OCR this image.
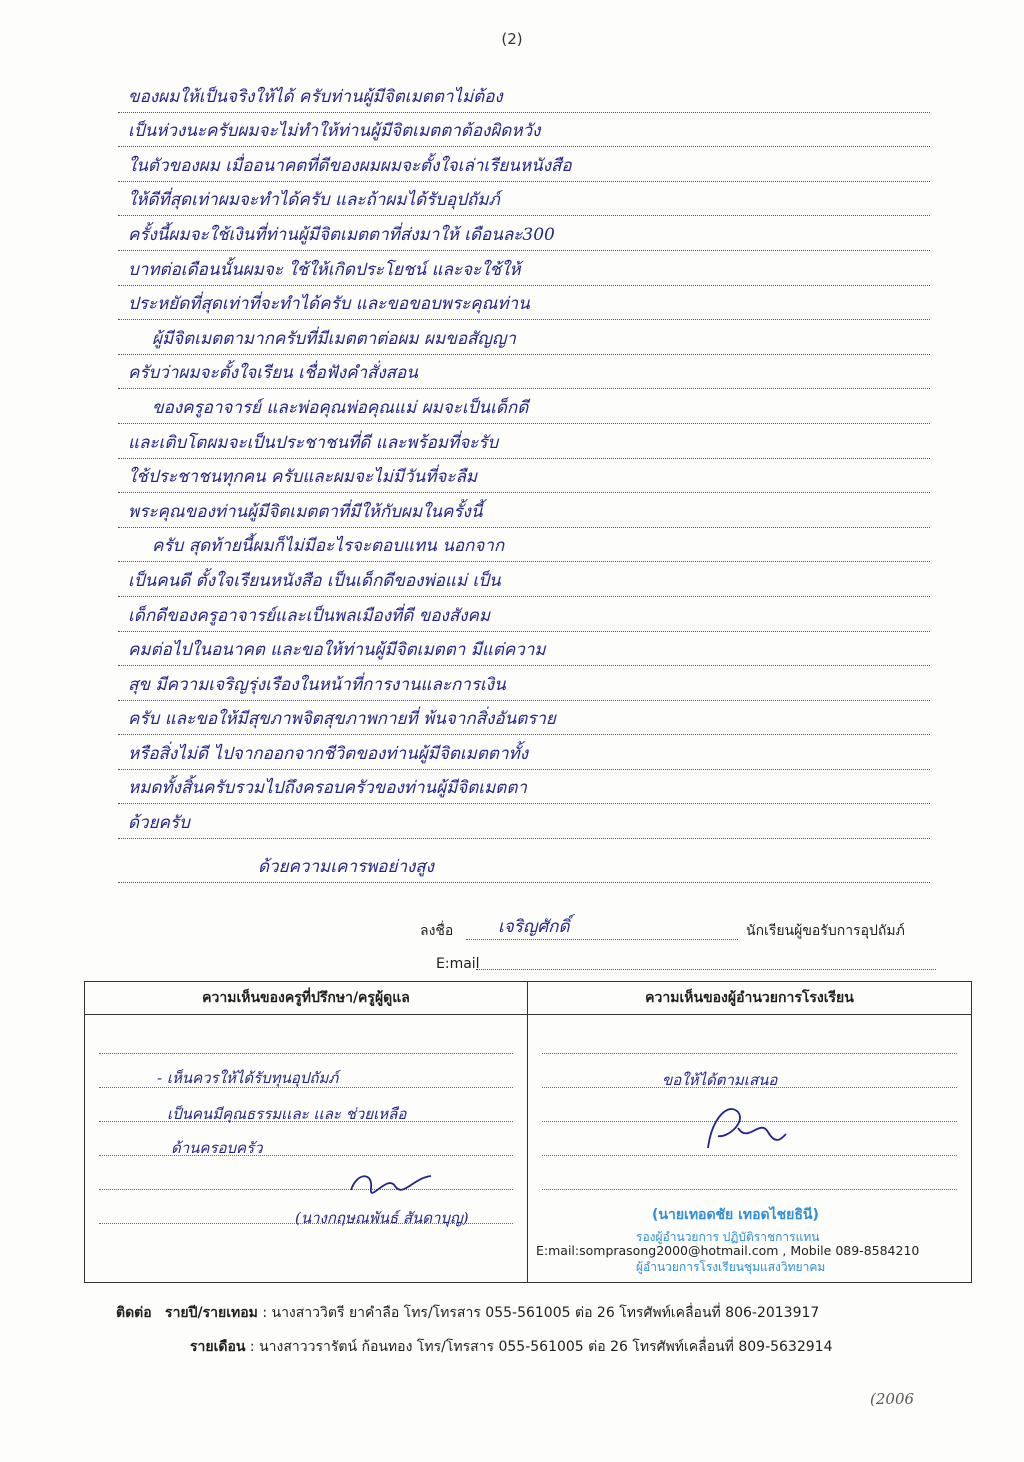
(2)
ของผมให้เป็นจริงให้ได้ ครับท่านผู้มีจิตเมตตาไม่ต้อง
เป็นห่วงนะครับผมจะไม่ทำให้ท่านผู้มีจิตเมตตาต้องผิดหวัง
ในตัวของผม เมื่ออนาคตที่ดีของผมผมจะตั้งใจเล่าเรียนหนังสือ
ให้ดีที่สุดเท่าผมจะทำได้ครับ และถ้าผมได้รับอุปถัมภ์
ครั้งนี้ผมจะใช้เงินที่ท่านผู้มีจิตเมตตาที่ส่งมาให้ เดือนละ300
บาทต่อเดือนนั้นผมจะ ใช้ให้เกิดประโยชน์ และจะใช้ให้
ประหยัดที่สุดเท่าที่จะทำได้ครับ และขอขอบพระคุณท่าน
ผู้มีจิตเมตตามากครับที่มีเมตตาต่อผม ผมขอสัญญา
ครับว่าผมจะตั้งใจเรียน เชื่อฟังคำสั่งสอน
ของครูอาจารย์ และพ่อคุณพ่อคุณแม่ ผมจะเป็นเด็กดี
และเติบโตผมจะเป็นประชาชนที่ดี และพร้อมที่จะรับ
ใช้ประชาชนทุกคน ครับและผมจะไม่มีวันที่จะลืม
พระคุณของท่านผู้มีจิตเมตตาที่มีให้กับผมในครั้งนี้
ครับ สุดท้ายนี้ผมก็ไม่มีอะไรจะตอบแทน นอกจาก
เป็นคนดี ตั้งใจเรียนหนังสือ เป็นเด็กดีของพ่อแม่ เป็น
เด็กดีของครูอาจารย์และเป็นพลเมืองที่ดี ของสังคม
คมต่อไปในอนาคต และขอให้ท่านผู้มีจิตเมตตา มีแต่ความ
สุข มีความเจริญรุ่งเรืองในหน้าที่การงานและการเงิน
ครับ และขอให้มีสุขภาพจิตสุขภาพกายที่ พ้นจากสิ่งอันตราย
หรือสิ่งไม่ดี ไปจากออกจากชีวิตของท่านผู้มีจิตเมตตาทั้ง
หมดทั้งสิ้นครับรวมไปถึงครอบครัวของท่านผู้มีจิตเมตตา
ด้วยครับ
ด้วยความเคารพอย่างสูง
ลงชื่อ	เจริญศักดิ์	นักเรียนผู้ขอรับการอุปถัมภ์
E:mail
ความเห็นของครูที่ปรึกษา/ครูผู้ดูแล
- เห็นควรให้ได้รับทุนอุปถัมภ์
เป็นคนมีคุณธรรมเเละ เเละ ช่วยเหลือ
ด้านครอบครัว
(นางกฤษณพันธ์ สันดาบุญ)
ความเห็นของผู้อำนวยการโรงเรียน
ขอให้ได้ตามเสนอ
(นายเทอดชัย เทอดไชยธินี)
รองผู้อำนวยการ ปฏิบัติราชการแทน
ผู้อำนวยการโรงเรียนชุมแสงวิทยาคม
E:mail:somprasong2000@hotmail.com , Mobile 089-8584210
ติดต่อ รายปี/รายเทอม : นางสาววิตรี ยาคำลือ โทร/โทรสาร 055-561005 ต่อ 26 โทรศัพท์เคลื่อนที่ 806-2013917
รายเดือน : นางสาววรารัตน์ ก้อนทอง โทร/โทรสาร 055-561005 ต่อ 26 โทรศัพท์เคลื่อนที่ 809-5632914
(2006
